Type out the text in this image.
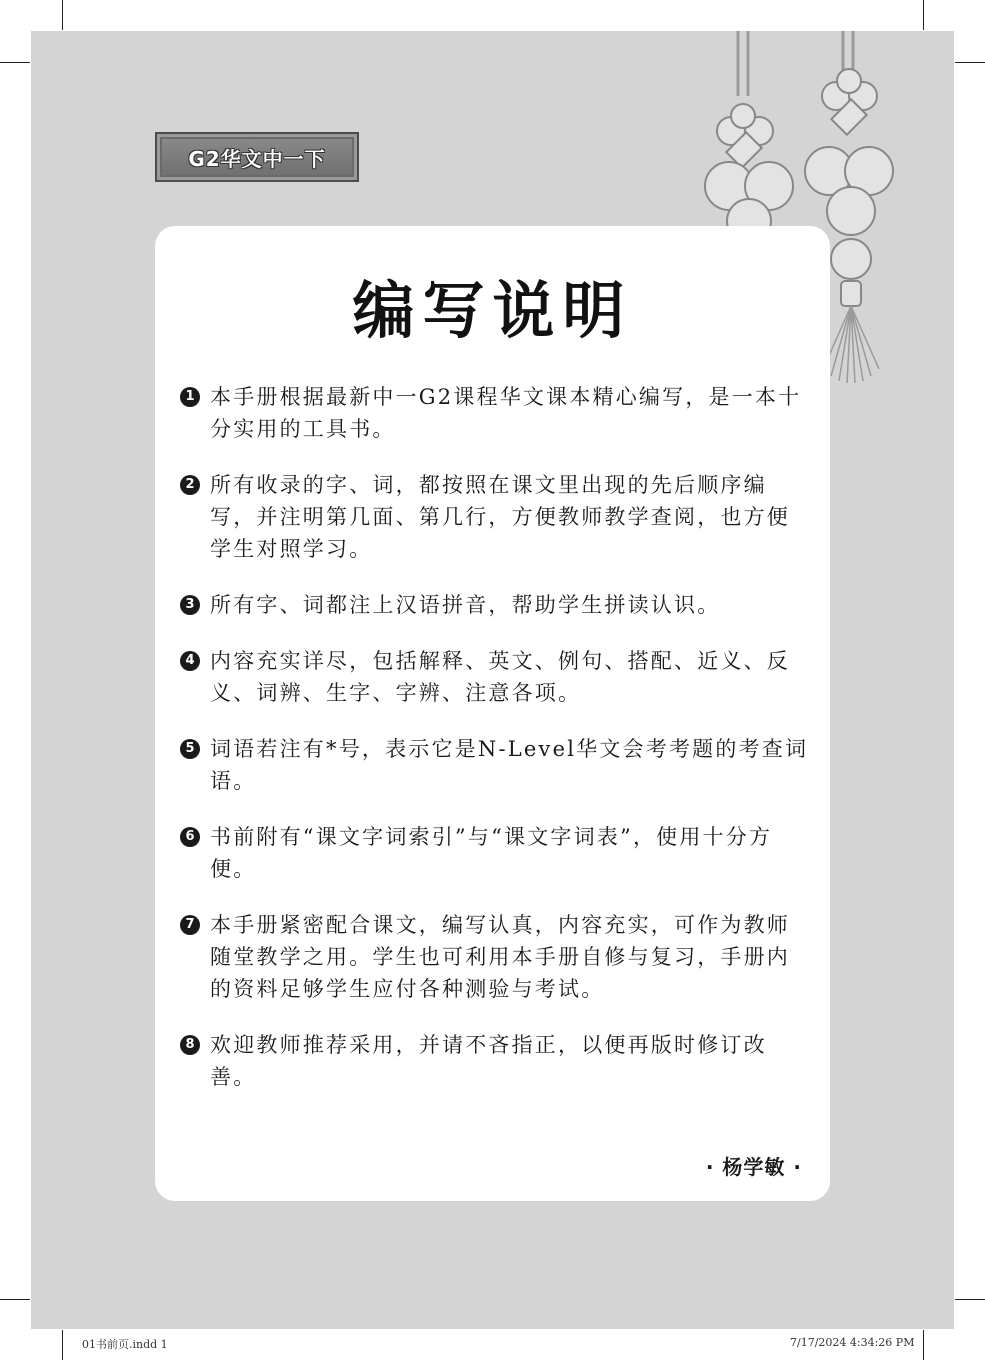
G2华文中一下
编写说明
1 本手册根据最新中一G2课程华文课本精心编写，是一本十分实用的工具书。
2 所有收录的字、词，都按照在课文里出现的先后顺序编写，并注明第几面、第几行，方便教师教学查阅，也方便学生对照学习。
3 所有字、词都注上汉语拼音，帮助学生拼读认识。
4 内容充实详尽，包括解释、英文、例句、搭配、近义、反义、词辨、生字、字辨、注意各项。
5 词语若注有*号，表示它是N-Level华文会考考题的考查词语。
6 书前附有“课文字词索引”与“课文字词表”，使用十分方便。
7 本手册紧密配合课文，编写认真，内容充实，可作为教师随堂教学之用。学生也可利用本手册自修与复习，手册内的资料足够学生应付各种测验与考试。
8 欢迎教师推荐采用，并请不吝指正，以便再版时修订改善。
· 杨学敏 ·
01书前页.indd 1	7/17/2024 4:34:26 PM
